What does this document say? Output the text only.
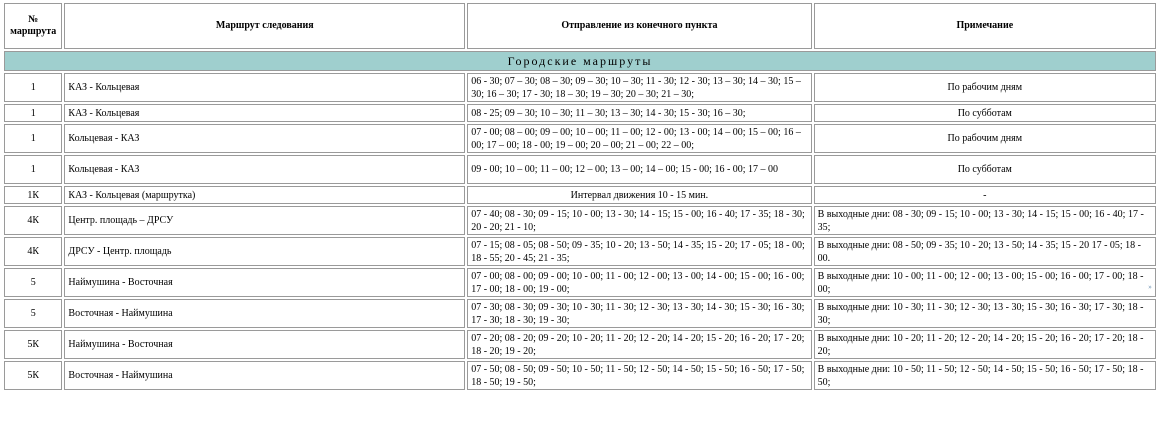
№
маршрута	Маршрут следования	Отправление из конечного пункта	Примечание
Городские маршруты			
1	КАЗ - Кольцевая	06 - 30; 07 – 30; 08 – 30; 09 – 30; 10 – 30; 11 - 30; 12 - 30; 13 – 30; 14 – 30; 15 – 30; 16 – 30; 17 - 30; 18 – 30; 19 – 30; 20 – 30; 21 – 30;	По рабочим дням
1	КАЗ - Кольцевая	08 - 25; 09 – 30; 10 – 30; 11 – 30; 13 – 30; 14 - 30; 15 - 30; 16 – 30;	По субботам
1	Кольцевая - КАЗ	07 - 00; 08 – 00; 09 – 00; 10 – 00; 11 – 00; 12 - 00; 13 - 00; 14 – 00; 15 – 00; 16 – 00; 17 – 00; 18 - 00; 19 – 00; 20 – 00; 21 – 00; 22 – 00;	По рабочим дням
1	Кольцевая - КАЗ	09 - 00; 10 – 00; 11 – 00; 12 – 00; 13 – 00; 14 – 00; 15 - 00; 16 - 00; 17 – 00	По субботам
1К	КАЗ - Кольцевая (маршрутка)	Интервал движения 10 - 15 мин.	-
4К	Центр. площадь – ДРСУ	07 - 40; 08 - 30; 09 - 15; 10 - 00; 13 - 30; 14 - 15; 15 - 00; 16 - 40; 17 - 35; 18 - 30; 20 - 20; 21 - 10;	В выходные дни: 08 - 30; 09 - 15; 10 - 00; 13 - 30; 14 - 15; 15 - 00; 16 - 40; 17 - 35;
4К	ДРСУ - Центр. площадь	07 - 15; 08 - 05; 08 - 50; 09 - 35; 10 - 20; 13 - 50; 14 - 35; 15 - 20; 17 - 05; 18 - 00; 18 - 55; 20 - 45; 21 - 35;	В выходные дни: 08 - 50; 09 - 35; 10 - 20; 13 - 50; 14 - 35; 15 - 20 17 - 05; 18 - 00.
5	Наймушина - Восточная	07 - 00; 08 - 00; 09 - 00; 10 - 00; 11 - 00; 12 - 00; 13 - 00; 14 - 00; 15 - 00; 16 - 00; 17 - 00; 18 - 00; 19 - 00;	В выходные дни: 10 - 00; 11 - 00; 12 - 00; 13 - 00; 15 - 00; 16 - 00; 17 - 00; 18 - 00;
5	Восточная - Наймушина	07 - 30; 08 - 30; 09 - 30; 10 - 30; 11 - 30; 12 - 30; 13 - 30; 14 - 30; 15 - 30; 16 - 30; 17 - 30; 18 - 30; 19 - 30;	В выходные дни: 10 - 30; 11 - 30; 12 - 30; 13 - 30; 15 - 30; 16 - 30; 17 - 30; 18 - 30;
5К	Наймушина - Восточная	07 - 20; 08 - 20; 09 - 20; 10 - 20; 11 - 20; 12 - 20; 14 - 20; 15 - 20; 16 - 20; 17 - 20; 18 - 20; 19 - 20;	В выходные дни: 10 - 20; 11 - 20; 12 - 20; 14 - 20; 15 - 20; 16 - 20; 17 - 20; 18 - 20;
5К	Восточная - Наймушина	07 - 50; 08 - 50; 09 - 50; 10 - 50; 11 - 50; 12 - 50; 14 - 50; 15 - 50; 16 - 50; 17 - 50; 18 - 50; 19 - 50;	В выходные дни: 10 - 50; 11 - 50; 12 - 50; 14 - 50; 15 - 50; 16 - 50; 17 - 50; 18 - 50;
»
